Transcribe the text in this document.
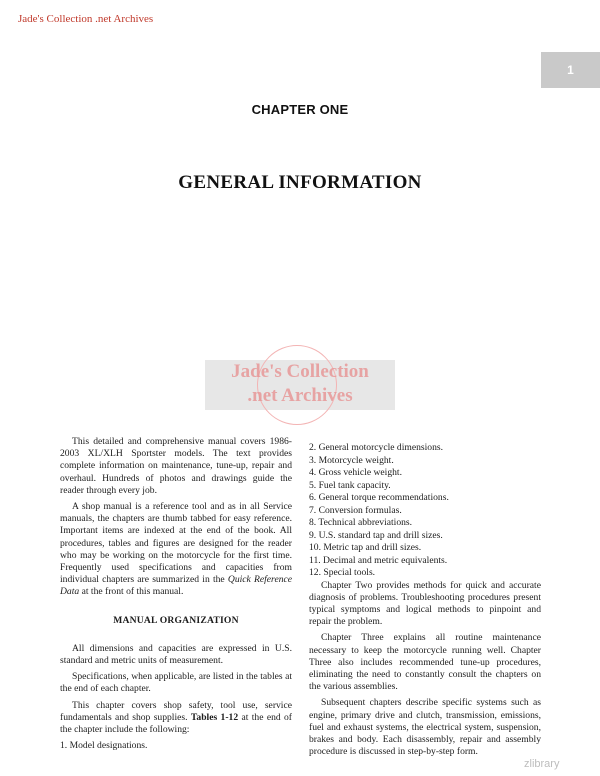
Jade's Collection .net Archives
1
CHAPTER ONE
GENERAL INFORMATION
Jade's Collection
.net Archives

This detailed and comprehensive manual covers 1986-2003 XL/XLH Sportster models. The text provides complete information on maintenance, tune-up, repair and overhaul. Hundreds of photos and drawings guide the reader through every job.

A shop manual is a reference tool and as in all Service manuals, the chapters are thumb tabbed for easy reference. Important items are indexed at the end of the book. All procedures, tables and figures are designed for the reader who may be working on the motorcycle for the first time. Frequently used specifications and capacities from individual chapters are summarized in the Quick Reference Data at the front of this manual.

MANUAL ORGANIZATION

All dimensions and capacities are expressed in U.S. standard and metric units of measurement.

Specifications, when applicable, are listed in the tables at the end of each chapter.

This chapter covers shop safety, tool use, service fundamentals and shop supplies. Tables 1-12 at the end of the chapter include the following:

1. Model designations.
2. General motorcycle dimensions.
3. Motorcycle weight.
4. Gross vehicle weight.
5. Fuel tank capacity.
6. General torque recommendations.
7. Conversion formulas.
8. Technical abbreviations.
9. U.S. standard tap and drill sizes.
10. Metric tap and drill sizes.
11. Decimal and metric equivalents.
12. Special tools.

Chapter Two provides methods for quick and accurate diagnosis of problems. Troubleshooting procedures present typical symptoms and logical methods to pinpoint and repair the problem.

Chapter Three explains all routine maintenance necessary to keep the motorcycle running well. Chapter Three also includes recommended tune-up procedures, eliminating the need to constantly consult the chapters on the various assemblies.

Subsequent chapters describe specific systems such as engine, primary drive and clutch, transmission, emissions, fuel and exhaust systems, the electrical system, suspension, brakes and body. Each disassembly, repair and assembly procedure is discussed in step-by-step form.

zlibrary
